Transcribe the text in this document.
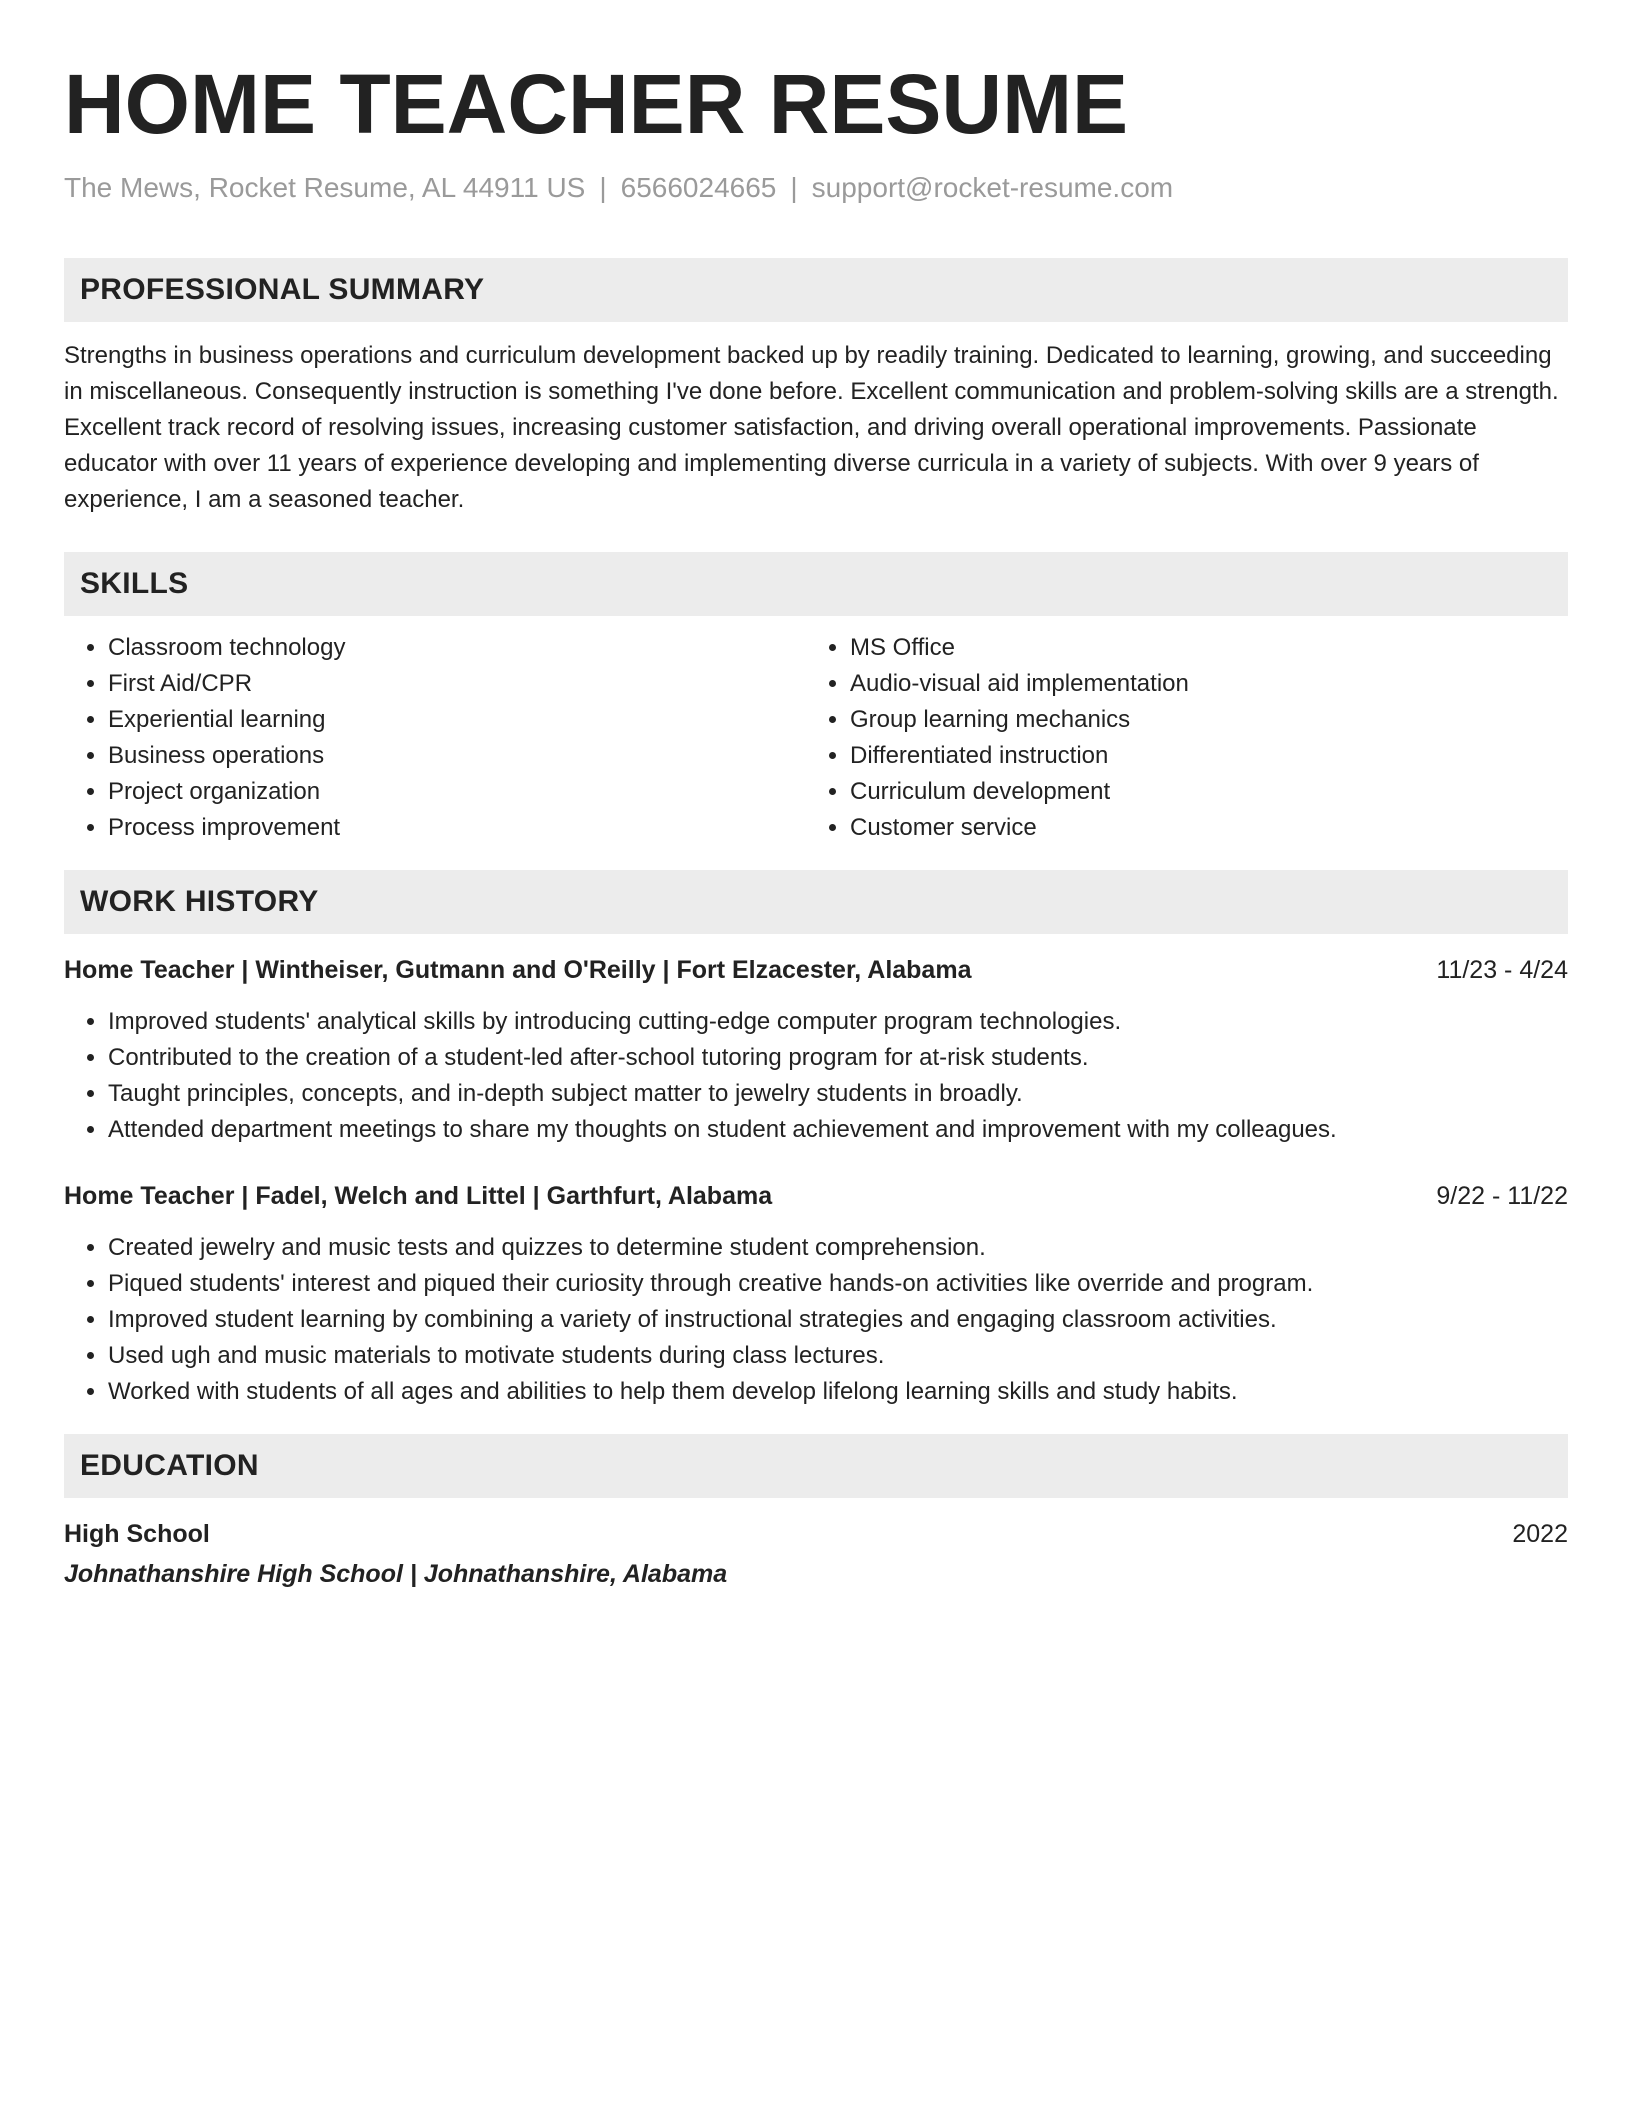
HOME TEACHER RESUME
The Mews, Rocket Resume, AL 44911 US | 6566024665 | support@rocket-resume.com
PROFESSIONAL SUMMARY
Strengths in business operations and curriculum development backed up by readily training. Dedicated to learning, growing, and succeeding in miscellaneous. Consequently instruction is something I've done before. Excellent communication and problem-solving skills are a strength. Excellent track record of resolving issues, increasing customer satisfaction, and driving overall operational improvements. Passionate educator with over 11 years of experience developing and implementing diverse curricula in a variety of subjects. With over 9 years of experience, I am a seasoned teacher.
SKILLS
• Classroom technology
• First Aid/CPR
• Experiential learning
• Business operations
• Project organization
• Process improvement
• MS Office
• Audio-visual aid implementation
• Group learning mechanics
• Differentiated instruction
• Curriculum development
• Customer service
WORK HISTORY
Home Teacher | Wintheiser, Gutmann and O'Reilly | Fort Elzacester, Alabama	11/23 - 4/24
• Improved students' analytical skills by introducing cutting-edge computer program technologies.
• Contributed to the creation of a student-led after-school tutoring program for at-risk students.
• Taught principles, concepts, and in-depth subject matter to jewelry students in broadly.
• Attended department meetings to share my thoughts on student achievement and improvement with my colleagues.
Home Teacher | Fadel, Welch and Littel | Garthfurt, Alabama	9/22 - 11/22
• Created jewelry and music tests and quizzes to determine student comprehension.
• Piqued students' interest and piqued their curiosity through creative hands-on activities like override and program.
• Improved student learning by combining a variety of instructional strategies and engaging classroom activities.
• Used ugh and music materials to motivate students during class lectures.
• Worked with students of all ages and abilities to help them develop lifelong learning skills and study habits.
EDUCATION
High School	2022
Johnathanshire High School | Johnathanshire, Alabama
